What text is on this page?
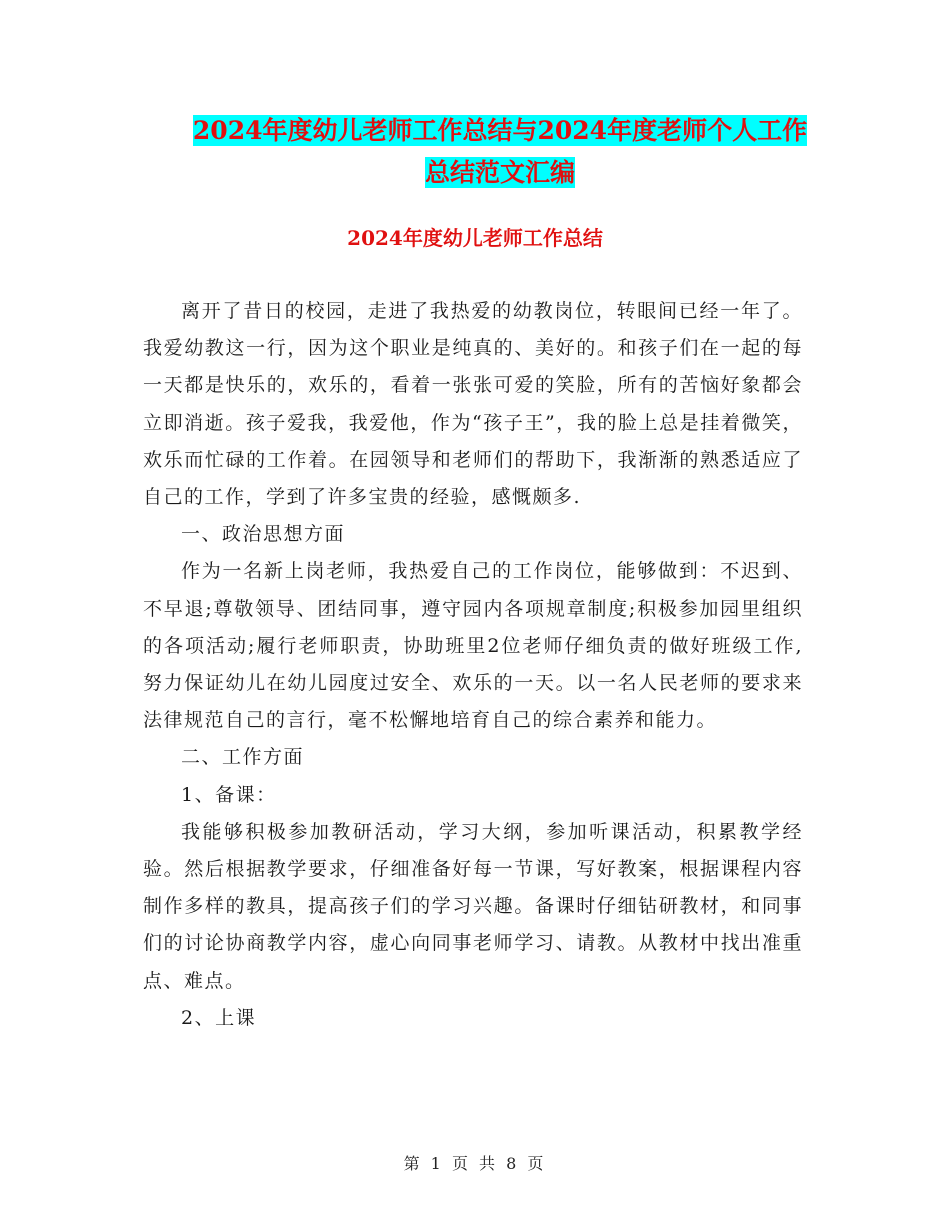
2024年度幼儿老师工作总结与2024年度老师个人工作
总结范文汇编
2024年度幼儿老师工作总结

离开了昔日的校园，走进了我热爱的幼教岗位，转眼间已经一年了。我爱幼教这一行，因为这个职业是纯真的、美好的。和孩子们在一起的每一天都是快乐的，欢乐的，看着一张张可爱的笑脸，所有的苦恼好象都会立即消逝。孩子爱我，我爱他，作为“孩子王”，我的脸上总是挂着微笑，欢乐而忙碌的工作着。在园领导和老师们的帮助下，我渐渐的熟悉适应了自己的工作，学到了许多宝贵的经验，感慨颇多.

一、政治思想方面

作为一名新上岗老师，我热爱自己的工作岗位，能够做到：不迟到、不早退;尊敬领导、团结同事，遵守园内各项规章制度;积极参加园里组织的各项活动;履行老师职责，协助班里2位老师仔细负责的做好班级工作,努力保证幼儿在幼儿园度过安全、欢乐的一天。以一名人民老师的要求来法律规范自己的言行，毫不松懈地培育自己的综合素养和能力。

二、工作方面

1、备课：

我能够积极参加教研活动，学习大纲，参加听课活动，积累教学经验。然后根据教学要求，仔细准备好每一节课，写好教案，根据课程内容制作多样的教具，提高孩子们的学习兴趣。备课时仔细钻研教材，和同事们的讨论协商教学内容，虚心向同事老师学习、请教。从教材中找出准重点、难点。

2、上课

第 1 页 共 8 页
